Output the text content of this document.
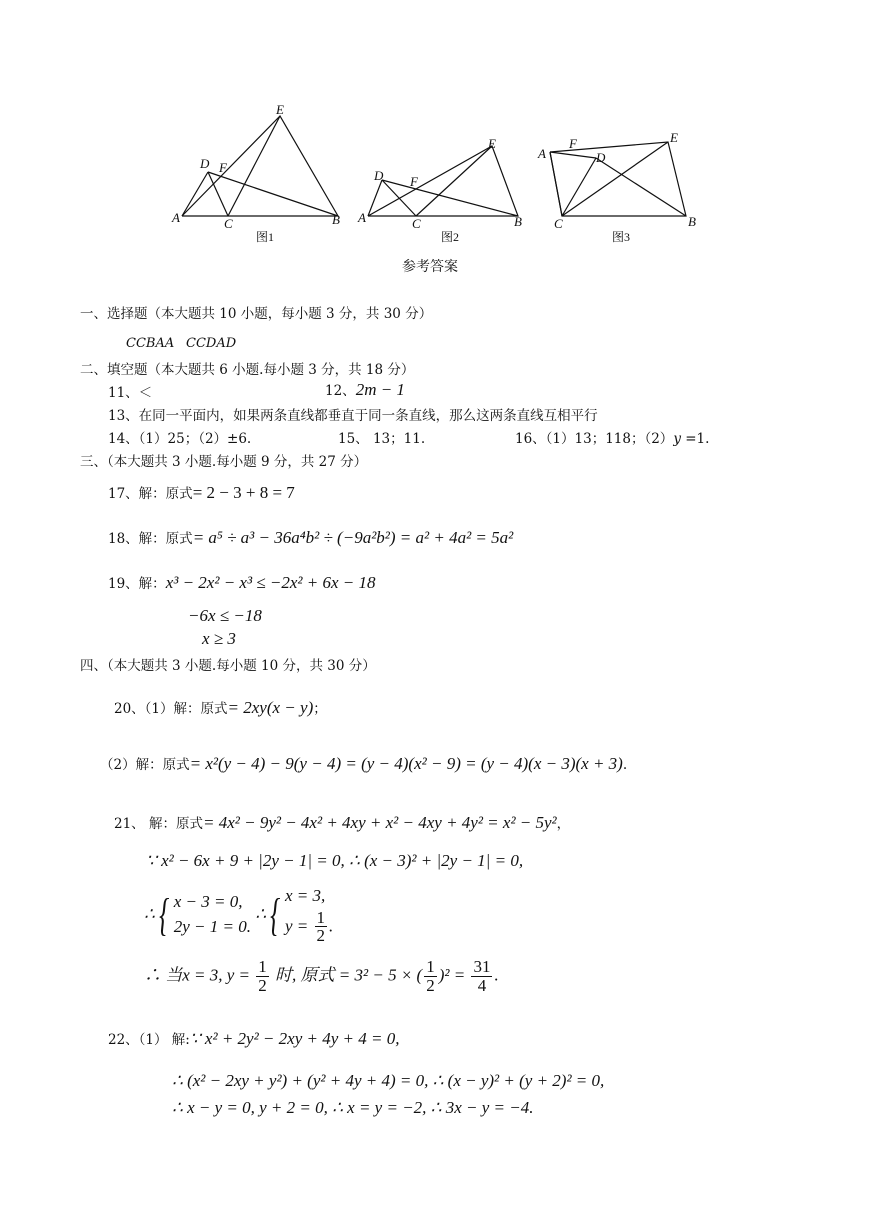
E
D F
A	C	B
E
D F
A	C	B
A
F
D
E
C	B
图1	图2	图3
参考答案
一、选择题（本大题共 10 小题，每小题 3 分，共 30 分）
CCBAA CCDAD
二、填空题（本大题共 6 小题.每小题 3 分，共 18 分）
11、＜	12、2m − 1
13、在同一平面内，如果两条直线都垂直于同一条直线，那么这两条直线互相平行
14、（1）25；（2）±6.	15、 13；11.	16、（1）13；118；（2）y =1.
三、（本大题共 3 小题.每小题 9 分，共 27 分）
17、解：原式= 2 − 3 + 8 = 7
18、解：原式= a⁵ ÷ a³ − 36a⁴b² ÷ (−9a²b²) = a² + 4a² = 5a²
19、解：x³ − 2x² − x³ ≤ −2x² + 6x − 18
−6x ≤ −18
x ≥ 3
四、（本大题共 3 小题.每小题 10 分，共 30 分）
20、（1）解：原式= 2xy(x − y)；
（2）解：原式= x²(y − 4) − 9(y − 4) = (y − 4)(x² − 9) = (y − 4)(x − 3)(x + 3).
21、 解：原式= 4x² − 9y² − 4x² + 4xy + x² − 4xy + 4y² = x² − 5y²，
∵ x² − 6x + 9 + |2y − 1| = 0, ∴ (x − 3)² + |2y − 1| = 0,
∴ { x − 3 = 0,
2y − 1 = 0.
∴ { x = 3,
$y = \frac{1}{2}$ .
∴ 当x = 3, $y = \frac{1}{2}$ 时, 原式 = 3² − 5 × ( $\frac{1}{2} )^2 = \frac{31}{4}$ .
22、（1） 解:∵ x² + 2y² − 2xy + 4y + 4 = 0,
∴ (x² − 2xy + y²) + (y² + 4y + 4) = 0, ∴ (x − y)² + (y + 2)² = 0,
∴ x − y = 0, y + 2 = 0, ∴ x = y = −2, ∴ 3x − y = −4.
